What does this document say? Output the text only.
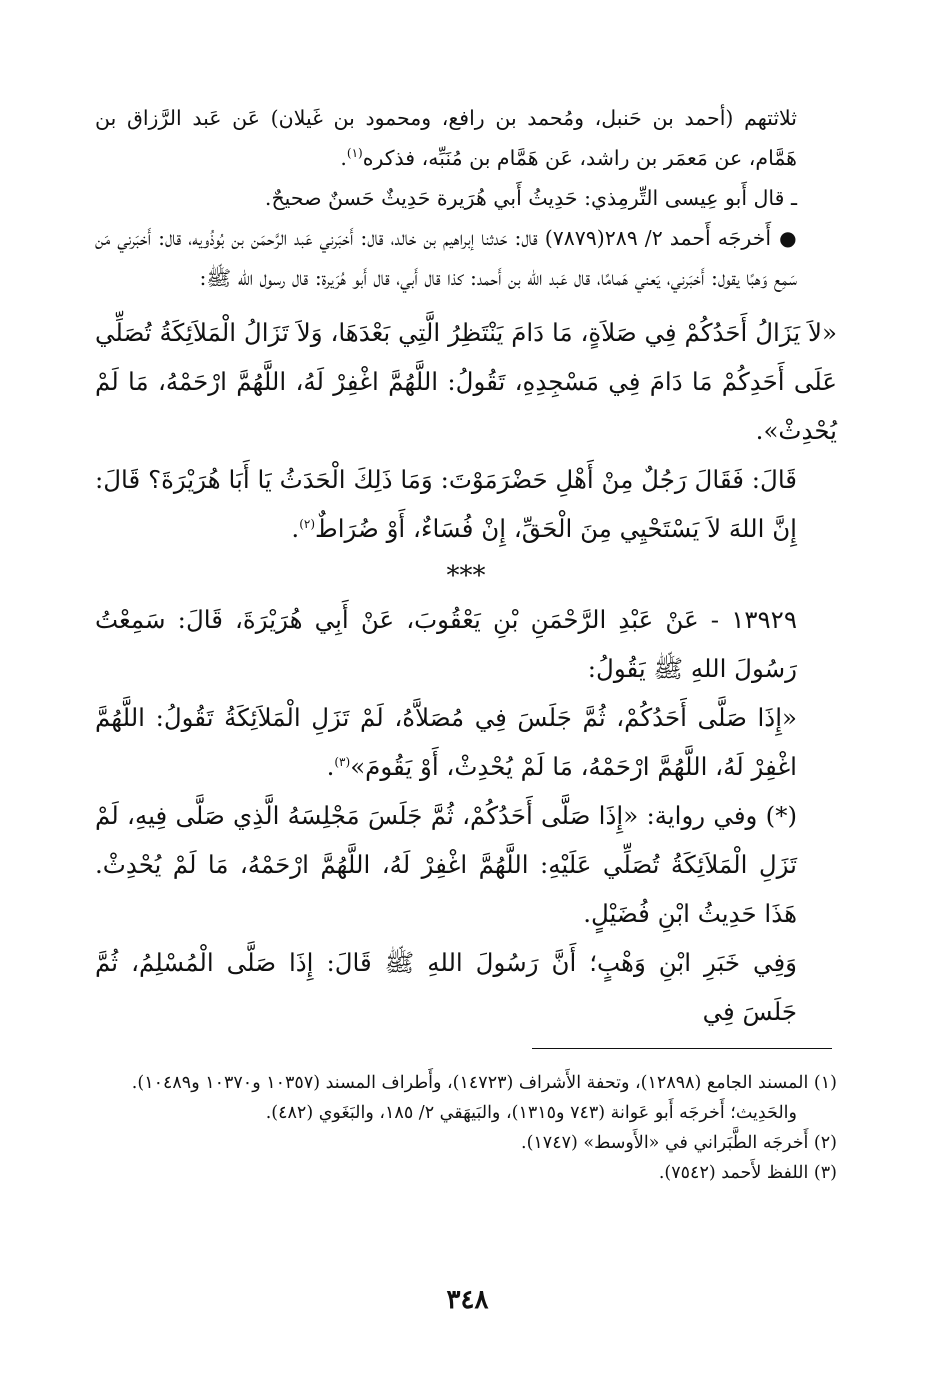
ثلاثتهم (أحمد بن حَنبل، ومُحمد بن رافع، ومحمود بن غَيلان) عَن عَبد الرَّزاق بن هَمَّام، عن مَعمَر بن راشد، عَن هَمَّام بن مُنَبِّه، فذكره$^{(١)}$.

ـ قال أَبو عِيسى التِّرمِذي: حَدِيثُ أَبي هُرَيرة حَدِيثٌ حَسنٌ صحيحٌ.

●أَخرجَه أَحمد ٢/ ٢٨٩(٧٨٧٩) قال: حَدثنا إبراهيم بن خالد، قال: أَخبَرني عَبد الرَّحمَن بن بُوذُويه، قال: أَخبَرني مَن سَمِع وَهبًا يقول: أَخبَرني، يَعني هَمامًا، قال عَبد الله بن أَحمد: كذا قال أَبي، قال أَبو هُرَيرة: قال رسول الله ﷺ:

«لاَ يَزَالُ أَحَدُكُمْ فِي صَلاَةٍ، مَا دَامَ يَنْتَظِرُ الَّتِي بَعْدَهَا، وَلاَ تَزَالُ الْمَلاَئِكَةُ تُصَلِّي عَلَى أَحَدِكُمْ مَا دَامَ فِي مَسْجِدِهِ، تَقُولُ: اللَّهُمَّ اغْفِرْ لَهُ، اللَّهُمَّ ارْحَمْهُ، مَا لَمْ يُحْدِثْ».

قَالَ: فَقَالَ رَجُلٌ مِنْ أَهْلِ حَضْرَمَوْتَ: وَمَا ذَلِكَ الْحَدَثُ يَا أَبَا هُرَيْرَةَ؟ قَالَ: إِنَّ اللهَ لاَ يَسْتَحْيِي مِنَ الْحَقِّ، إِنْ فُسَاءٌ، أَوْ ضُرَاطٌ$^{(٢)}$.

***

١٣٩٢٩ - عَنْ عَبْدِ الرَّحْمَنِ بْنِ يَعْقُوبَ، عَنْ أَبِي هُرَيْرَةَ، قَالَ: سَمِعْتُ رَسُولَ اللهِ ﷺ يَقُولُ:

«إِذَا صَلَّى أَحَدُكُمْ، ثُمَّ جَلَسَ فِي مُصَلاَّهُ، لَمْ تَزَلِ الْمَلاَئِكَةُ تَقُولُ: اللَّهُمَّ اغْفِرْ لَهُ، اللَّهُمَّ ارْحَمْهُ، مَا لَمْ يُحْدِثْ، أَوْ يَقُومَ»$^{(٣)}$.

(*) وفي رواية: «إِذَا صَلَّى أَحَدُكُمْ، ثُمَّ جَلَسَ مَجْلِسَهُ الَّذِي صَلَّى فِيهِ، لَمْ تَزَلِ الْمَلاَئِكَةُ تُصَلِّي عَلَيْهِ: اللَّهُمَّ اغْفِرْ لَهُ، اللَّهُمَّ ارْحَمْهُ، مَا لَمْ يُحْدِثْ. هَذَا حَدِيثُ ابْنِ فُضَيْلٍ.

وَفِي خَبَرِ ابْنِ وَهْبٍ؛ أَنَّ رَسُولَ اللهِ ﷺ قَالَ: إِذَا صَلَّى الْمُسْلِمُ، ثُمَّ جَلَسَ فِي

(١) المسند الجامع (١٢٨٩٨)، وتحفة الأَشراف (١٤٧٢٣)، وأَطراف المسند (١٠٣٥٧ و١٠٣٧٠ و١٠٤٨٩).

والحَدِيث؛ أَخرجَه أَبو عَوانة (٧٤٣ و١٣١٥)، والبَيهَقي ٢/ ١٨٥، والبَغَوي (٤٨٢).

(٢) أَخرجَه الطَّبَراني في «الأَوسط» (١٧٤٧).

(٣) اللفظ لأَحمد (٧٥٤٢).

٣٤٨
